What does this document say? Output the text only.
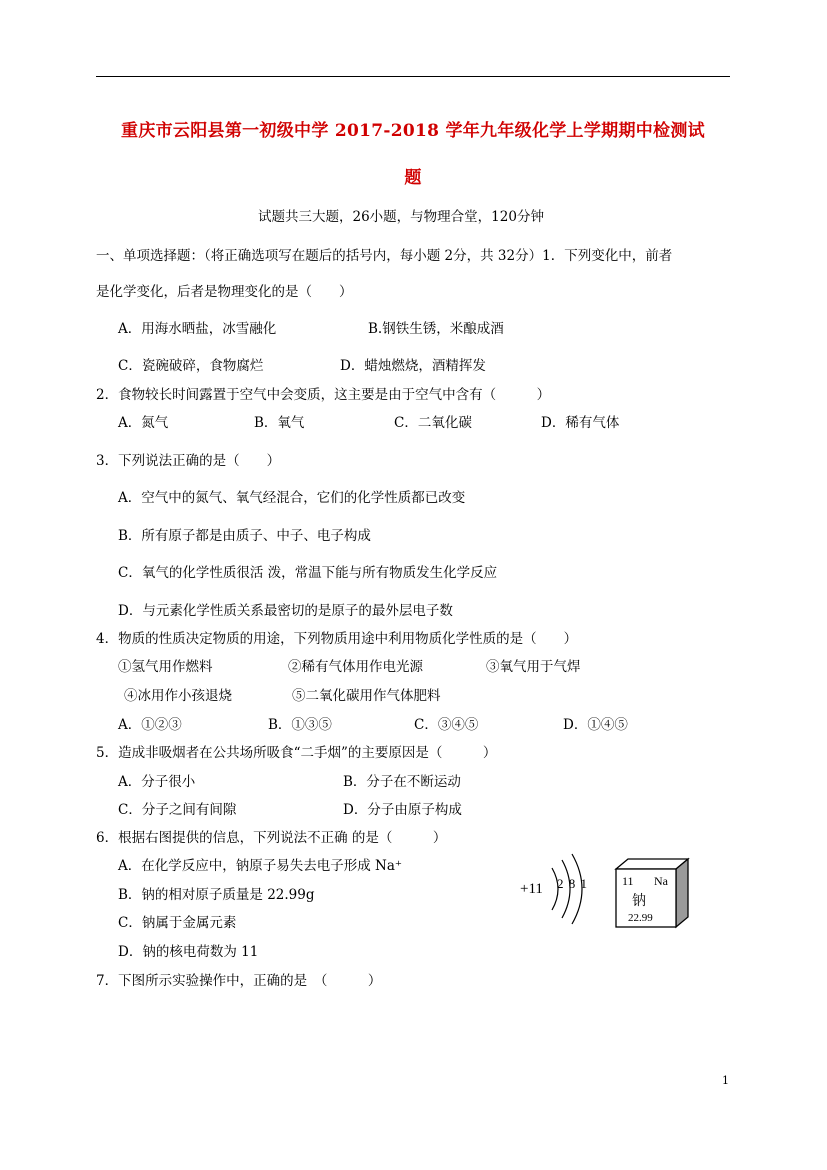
重庆市云阳县第一初级中学 2017-2018 学年九年级化学上学期期中检测试
题
试题共三大题，26小题，与物理合堂，120分钟
一、单项选择题：（将正确选项写在题后的括号内，每小题 2分，共 32分）1．下列变化中，前者
是化学变化，后者是物理变化的是（　　）
A．用海水晒盐，冰雪融化	B.钢铁生锈，米酿成酒
C．瓷碗破碎，食物腐烂	D．蜡烛燃烧，酒精挥发
2．食物较长时间露置于空气中会变质，这主要是由于空气中含有（　　　）
A．氮气	B．氧气	C．二氧化碳	D．稀有气体
3．下列说法正确的是（　　）
A．空气中的氮气、氧气经混合，它们的化学性质都已改变
B．所有原子都是由质子、中子、电子构成
C．氧气的化学性质很活 泼，常温下能与所有物质发生化学反应
D．与元素化学性质关系最密切的是原子的最外层电子数
4．物质的性质决定物质的用途，下列物质用途中利用物质化学性质的是（　　）
①氢气用作燃料	②稀有气体用作电光源	③氧气用于气焊
④冰用作小孩退烧	⑤二氧化碳用作气体肥料
A．①②③	B．①③⑤	C．③④⑤	D．①④⑤
5．造成非吸烟者在公共场所吸食“二手烟”的主要原因是（　　　）
A．分子很小	B．分子在不断运动
C．分子之间有间隙	D．分子由原子构成
6．根据右图提供的信息，下列说法不正确 的是（　　　）
A．在化学反应中，钠原子易失去电子形成 Na⁺
B．钠的相对原子质量是 22.99g
C．钠属于金属元素
D．钠的核电荷数为 11
+11 2 8 1	11 Na
钠
22.99
7．下图所示实验操作中，正确的是　（　　　）
1
